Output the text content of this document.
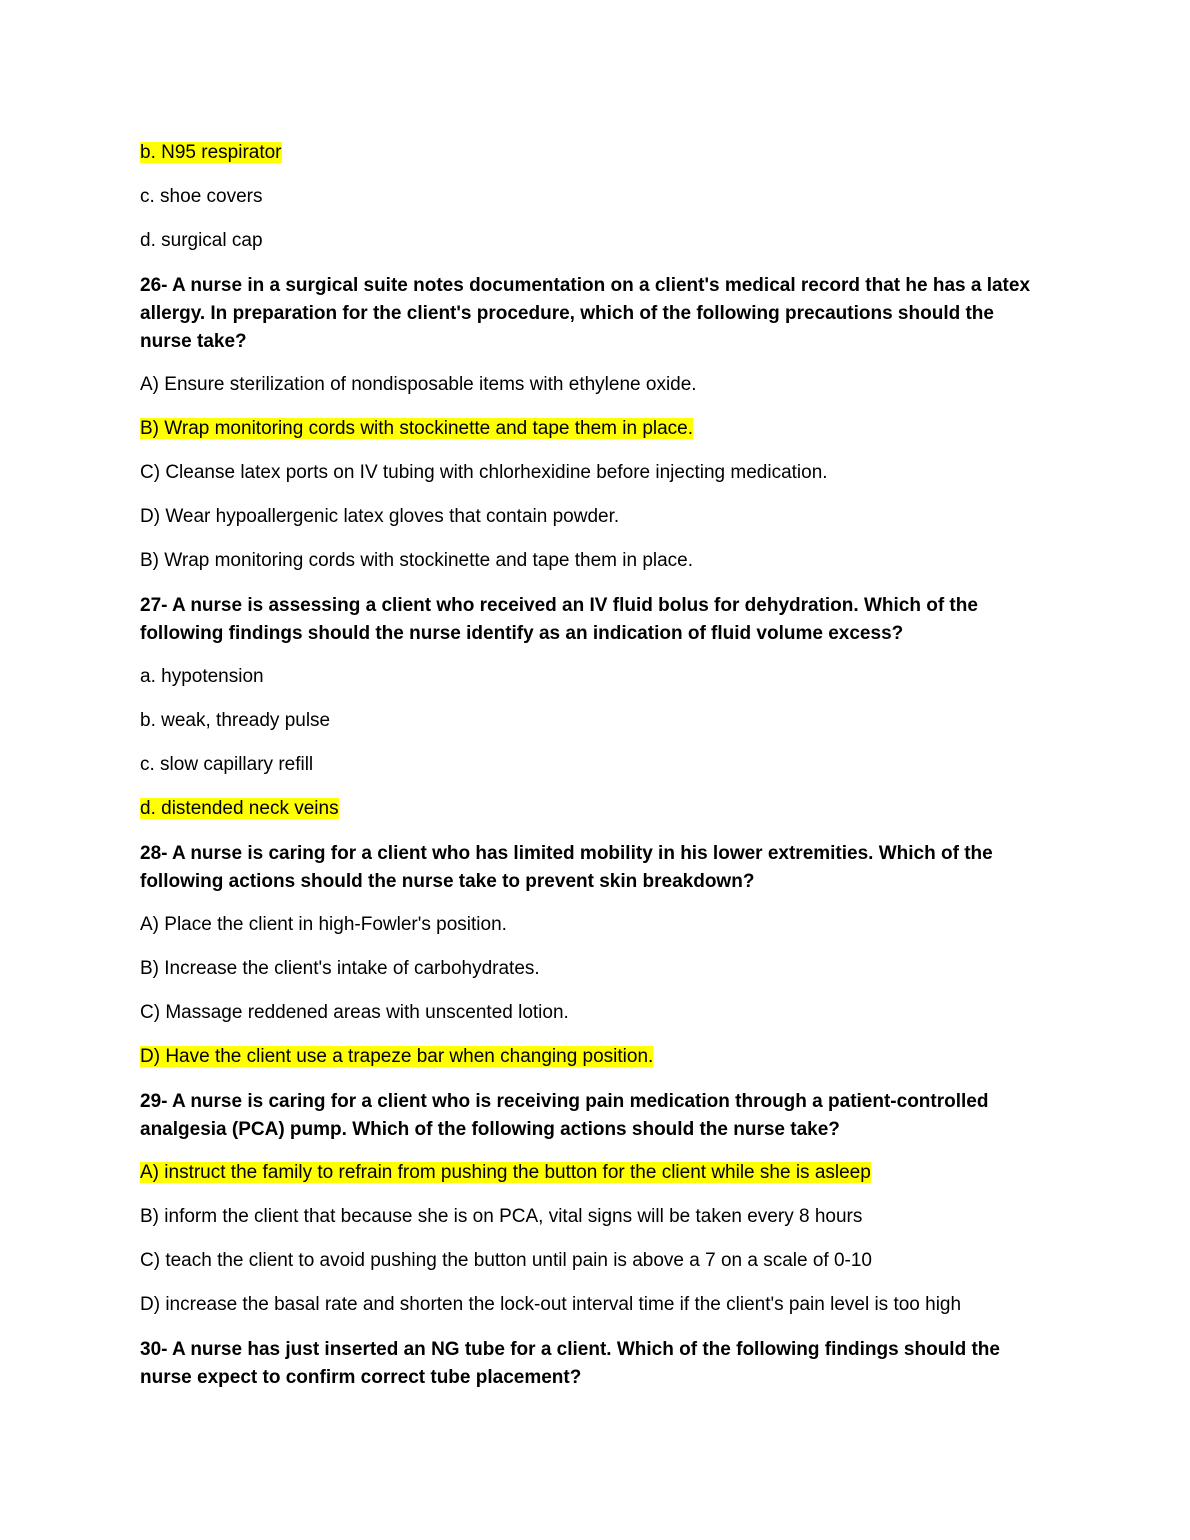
b. N95 respirator
c. shoe covers
d. surgical cap
26- A nurse in a surgical suite notes documentation on a client's medical record that he has a latex allergy. In preparation for the client's procedure, which of the following precautions should the nurse take?
A) Ensure sterilization of nondisposable items with ethylene oxide.
B) Wrap monitoring cords with stockinette and tape them in place.
C) Cleanse latex ports on IV tubing with chlorhexidine before injecting medication.
D) Wear hypoallergenic latex gloves that contain powder.
B) Wrap monitoring cords with stockinette and tape them in place.
27- A nurse is assessing a client who received an IV fluid bolus for dehydration. Which of the following findings should the nurse identify as an indication of fluid volume excess?
a. hypotension
b. weak, thready pulse
c. slow capillary refill
d. distended neck veins
28- A nurse is caring for a client who has limited mobility in his lower extremities. Which of the following actions should the nurse take to prevent skin breakdown?
A) Place the client in high-Fowler's position.
B) Increase the client's intake of carbohydrates.
C) Massage reddened areas with unscented lotion.
D) Have the client use a trapeze bar when changing position.
29- A nurse is caring for a client who is receiving pain medication through a patient-controlled analgesia (PCA) pump. Which of the following actions should the nurse take?
A) instruct the family to refrain from pushing the button for the client while she is asleep
B) inform the client that because she is on PCA, vital signs will be taken every 8 hours
C) teach the client to avoid pushing the button until pain is above a 7 on a scale of 0-10
D) increase the basal rate and shorten the lock-out interval time if the client's pain level is too high
30- A nurse has just inserted an NG tube for a client. Which of the following findings should the nurse expect to confirm correct tube placement?
